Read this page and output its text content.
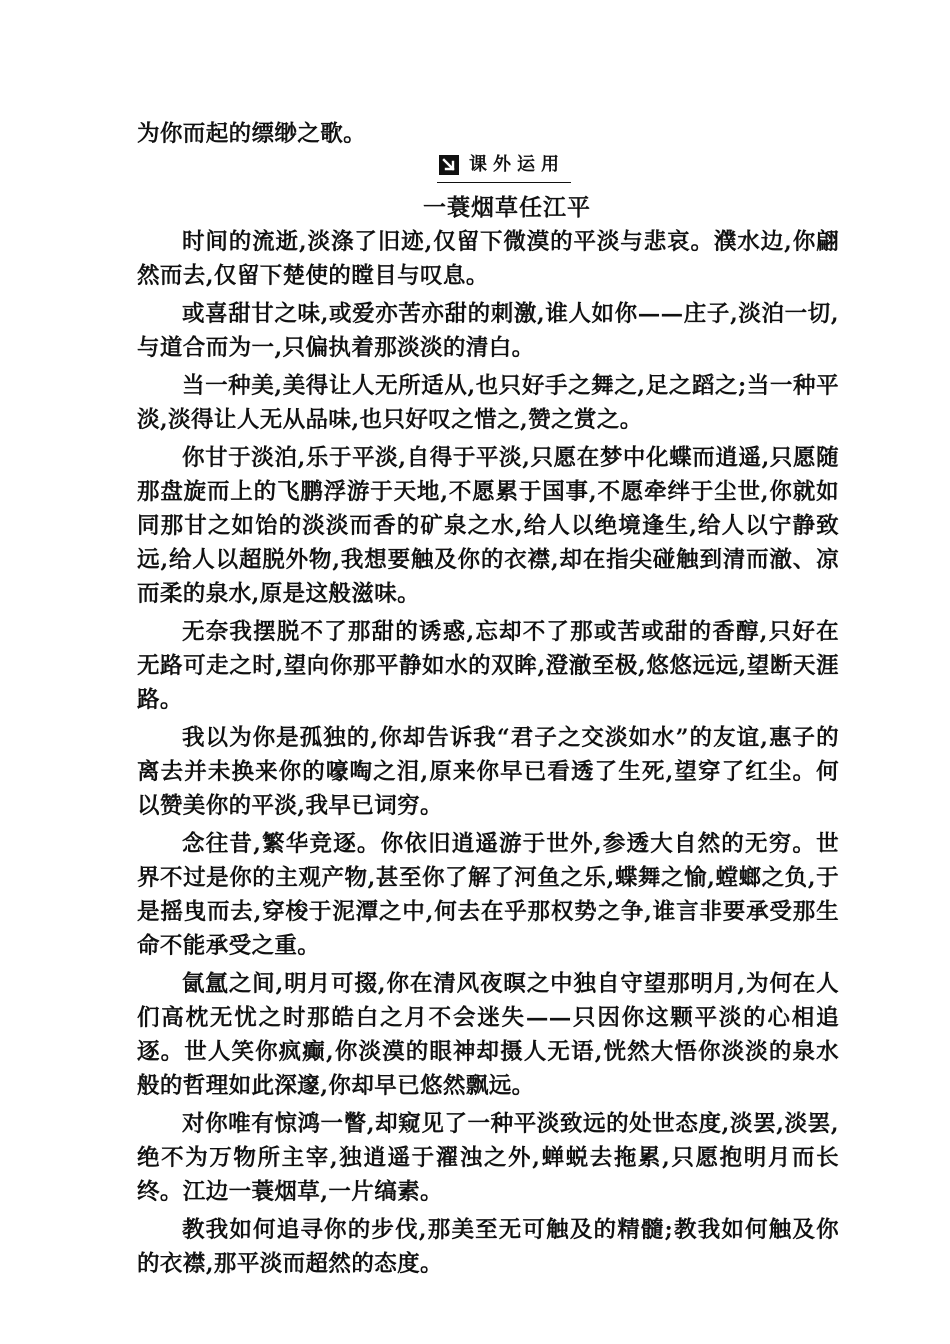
为你而起的缥缈之歌。
课外运用
一蓑烟草任江平

时间的流逝,淡涤了旧迹,仅留下微漠的平淡与悲哀。濮水边,你翩然而去,仅留下楚使的瞠目与叹息。

或喜甜甘之味,或爱亦苦亦甜的刺激,谁人如你——庄子,淡泊一切,与道合而为一,只偏执着那淡淡的清白。

当一种美,美得让人无所适从,也只好手之舞之,足之蹈之;当一种平淡,淡得让人无从品味,也只好叹之惜之,赞之赏之。

你甘于淡泊,乐于平淡,自得于平淡,只愿在梦中化蝶而逍遥,只愿随那盘旋而上的飞鹏浮游于天地,不愿累于国事,不愿牵绊于尘世,你就如同那甘之如饴的淡淡而香的矿泉之水,给人以绝境逢生,给人以宁静致远,给人以超脱外物,我想要触及你的衣襟,却在指尖碰触到清而澈、凉而柔的泉水,原是这般滋味。

无奈我摆脱不了那甜的诱惑,忘却不了那或苦或甜的香醇,只好在无路可走之时,望向你那平静如水的双眸,澄澈至极,悠悠远远,望断天涯路。

我以为你是孤独的,你却告诉我“君子之交淡如水”的友谊,惠子的离去并未换来你的嚎啕之泪,原来你早已看透了生死,望穿了红尘。何以赞美你的平淡,我早已词穷。

念往昔,繁华竞逐。你依旧逍遥游于世外,参透大自然的无穷。世界不过是你的主观产物,甚至你了解了河鱼之乐,蝶舞之愉,螳螂之负,于是摇曳而去,穿梭于泥潭之中,何去在乎那权势之争,谁言非要承受那生命不能承受之重。

氤氲之间,明月可掇,你在清风夜暝之中独自守望那明月,为何在人们高枕无忧之时那皓白之月不会迷失——只因你这颗平淡的心相追逐。世人笑你疯癫,你淡漠的眼神却摄人无语,恍然大悟你淡淡的泉水般的哲理如此深邃,你却早已悠然飘远。

对你唯有惊鸿一瞥,却窥见了一种平淡致远的处世态度,淡罢,淡罢,绝不为万物所主宰,独逍遥于濯浊之外,蝉蜕去拖累,只愿抱明月而长终。江边一蓑烟草,一片缟素。

教我如何追寻你的步伐,那美至无可触及的精髓;教我如何触及你的衣襟,那平淡而超然的态度。
